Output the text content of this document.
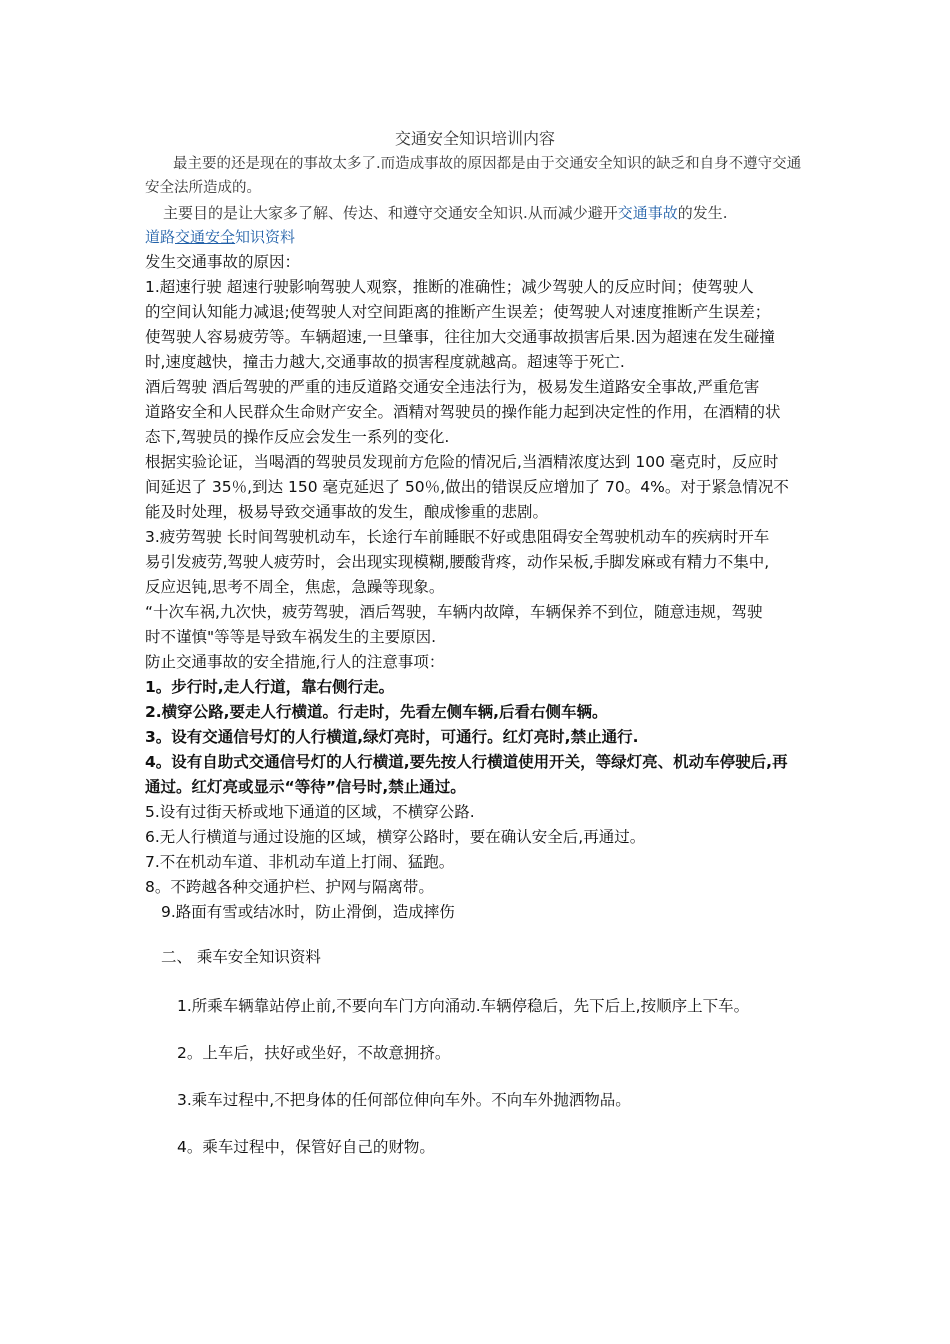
交通安全知识培训内容
最主要的还是现在的事故太多了.而造成事故的原因都是由于交通安全知识的缺乏和自身不遵守交通
安全法所造成的。
主要目的是让大家多了解、传达、和遵守交通安全知识.从而减少避开交通事故的发生.
道路交通安全知识资料
发生交通事故的原因：
1.超速行驶 超速行驶影响驾驶人观察，推断的准确性；减少驾驶人的反应时间；使驾驶人
的空间认知能力减退;使驾驶人对空间距离的推断产生误差；使驾驶人对速度推断产生误差；
使驾驶人容易疲劳等。车辆超速,一旦肇事，往往加大交通事故损害后果.因为超速在发生碰撞
时,速度越快，撞击力越大,交通事故的损害程度就越高。超速等于死亡.
酒后驾驶 酒后驾驶的严重的违反道路交通安全违法行为，极易发生道路安全事故,严重危害
道路安全和人民群众生命财产安全。酒精对驾驶员的操作能力起到决定性的作用，在酒精的状
态下,驾驶员的操作反应会发生一系列的变化.
根据实验论证，当喝酒的驾驶员发现前方危险的情况后,当酒精浓度达到 100 毫克时，反应时
间延迟了 35％,到达 150 毫克延迟了 50％,做出的错误反应增加了 70。4%。对于紧急情况不
能及时处理，极易导致交通事故的发生，酿成惨重的悲剧。
3.疲劳驾驶 长时间驾驶机动车，长途行车前睡眠不好或患阻碍安全驾驶机动车的疾病时开车
易引发疲劳,驾驶人疲劳时，会出现实现模糊,腰酸背疼，动作呆板,手脚发麻或有精力不集中,
反应迟钝,思考不周全，焦虑，急躁等现象。
“十次车祸,九次快，疲劳驾驶，酒后驾驶，车辆内故障，车辆保养不到位，随意违规，驾驶
时不谨慎"等等是导致车祸发生的主要原因.
防止交通事故的安全措施,行人的注意事项：
1。步行时,走人行道，靠右侧行走。
2.横穿公路,要走人行横道。行走时，先看左侧车辆,后看右侧车辆。
3。设有交通信号灯的人行横道,绿灯亮时，可通行。红灯亮时,禁止通行.
4。设有自助式交通信号灯的人行横道,要先按人行横道使用开关，等绿灯亮、机动车停驶后,再
通过。红灯亮或显示“等待”信号时,禁止通过。
5.设有过街天桥或地下通道的区域，不横穿公路.
6.无人行横道与通过设施的区域，横穿公路时，要在确认安全后,再通过。
7.不在机动车道、非机动车道上打闹、猛跑。
8。不跨越各种交通护栏、护网与隔离带。
9.路面有雪或结冰时，防止滑倒，造成摔伤
二、 乘车安全知识资料
1.所乘车辆靠站停止前,不要向车门方向涌动.车辆停稳后，先下后上,按顺序上下车。
2。上车后，扶好或坐好，不故意拥挤。
3.乘车过程中,不把身体的任何部位伸向车外。不向车外抛洒物品。
4。乘车过程中，保管好自己的财物。
